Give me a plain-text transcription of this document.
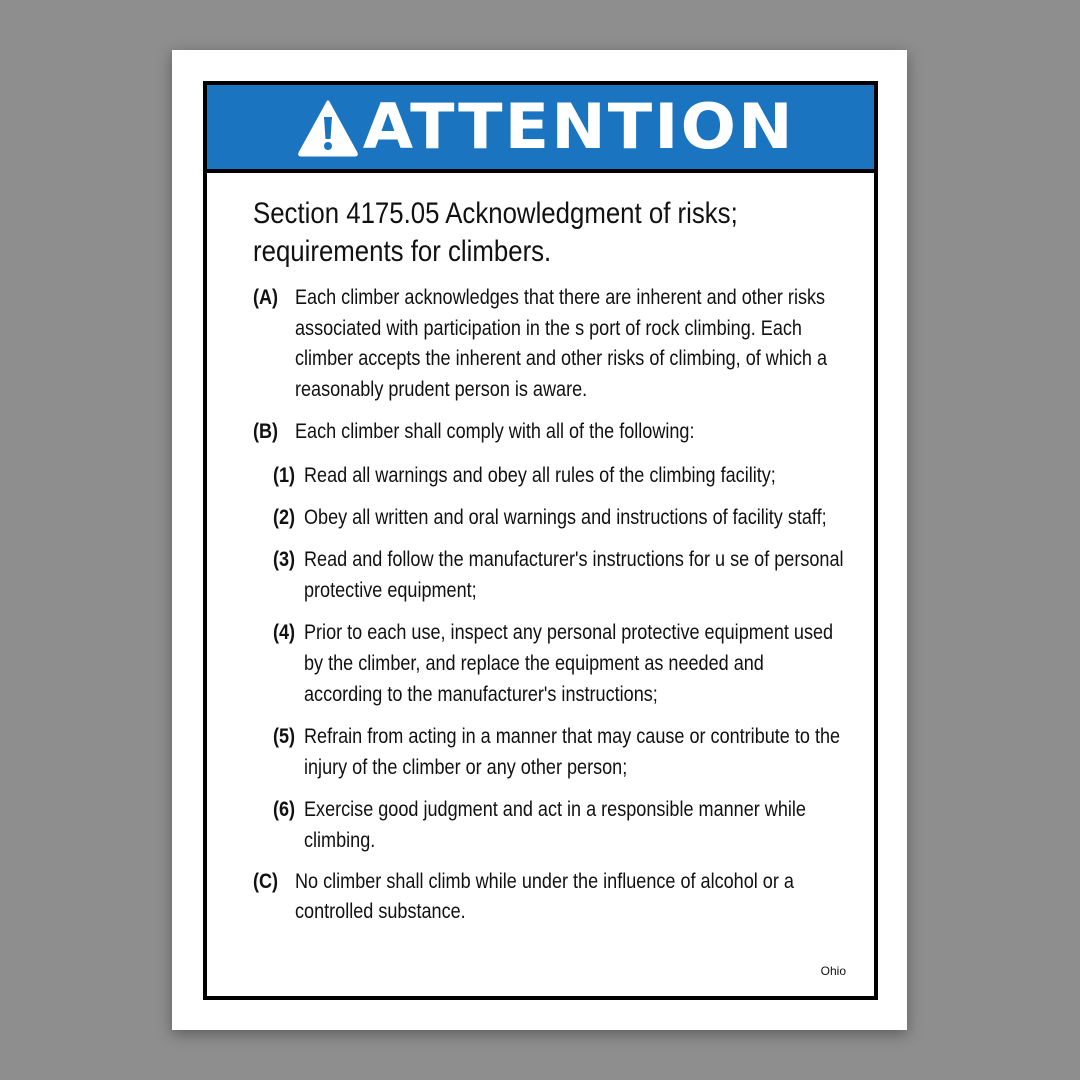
ATTENTION
Section 4175.05 Acknowledgment of risks; requirements for climbers.
(A) Each climber acknowledges that there are inherent and other risks associated with participation in the s port of rock climbing. Each climber accepts the inherent and other risks of climbing, of which a reasonably prudent person is aware.
(B) Each climber shall comply with all of the following:
(1) Read all warnings and obey all rules of the climbing facility;
(2) Obey all written and oral warnings and instructions of facility staff;
(3) Read and follow the manufacturer's instructions for u se of personal protective equipment;
(4) Prior to each use, inspect any personal protective equipment used by the climber, and replace the equipment as needed and according to the manufacturer's instructions;
(5) Refrain from acting in a manner that may cause or contribute to the injury of the climber or any other person;
(6) Exercise good judgment and act in a responsible manner while climbing.
(C) No climber shall climb while under the influence of alcohol or a controlled substance.
Ohio
